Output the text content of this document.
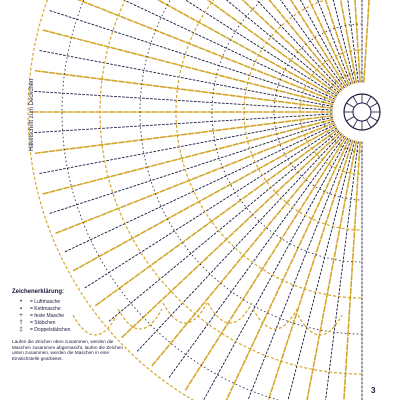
Häkelschrift zum Deckchen
Zeichenerklärung:
•	= Luftmasche
▪	= Kettmasche
+	= feste Masche
†	= Stäbchen
‡	= Doppelstäbchen
Laufen die Zeichen oben zusammen, werden die Maschen zusammen abgemascht, laufen die Zeichen unten zusammen, werden die Maschen in eine Einstichstelle gearbeitet.
3
